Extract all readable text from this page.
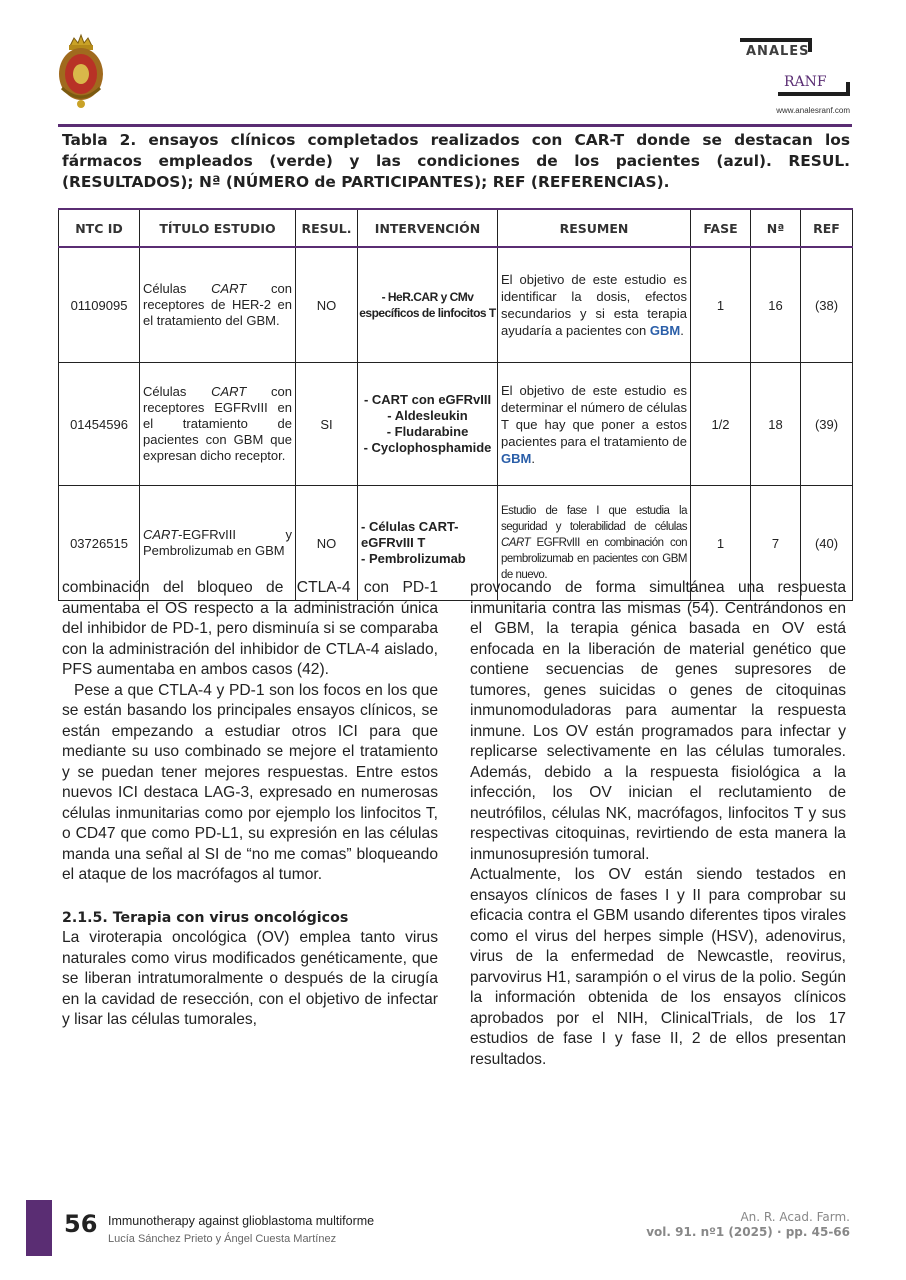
ANALES
RANF
www.analesranf.com
Tabla 2. ensayos clínicos completados realizados con CAR-T donde se destacan los fármacos empleados (verde) y las condiciones de los pacientes (azul). RESUL. (RESULTADOS); Nª (NÚMERO de PARTICIPANTES); REF (REFERENCIAS).
NTC ID	TÍTULO ESTUDIO	RESUL.	INTERVENCIÓN	RESUMEN	FASE	Nª	REF
01109095	Células CART con receptores de HER-2 en el tratamiento del GBM.	NO	- HeR.CAR y CMv específicos de linfocitos T	El objetivo de este estudio es identificar la dosis, efectos secundarios y si esta terapia ayudaría a pacientes con GBM.	1	16	(38)
01454596	Células CART con receptores EGFRvIII en el tratamiento de pacientes con GBM que expresan dicho receptor.	SI	- CART con eGFRvIII
- Aldesleukin
- Fludarabine
- Cyclophosphamide	El objetivo de este estudio es determinar el número de células T que hay que poner a estos pacientes para el tratamiento de GBM.	1/2	18	(39)
03726515	CART-EGFRvIII y Pembrolizumab en GBM	NO	- Células CART-eGFRvIII T
- Pembrolizumab	Estudio de fase I que estudia la seguridad y tolerabilidad de células CART EGFRvIII en combinación con pembrolizumab en pacientes con GBM de nuevo.	1	7	(40)

combinación del bloqueo de CTLA-4 con PD-1 aumentaba el OS respecto a la administración única del inhibidor de PD-1, pero disminuía si se comparaba con la administración del inhibidor de CTLA-4 aislado, PFS aumentaba en ambos casos (42).

Pese a que CTLA-4 y PD-1 son los focos en los que se están basando los principales ensayos clínicos, se están empezando a estudiar otros ICI para que mediante su uso combinado se mejore el tratamiento y se puedan tener mejores respuestas. Entre estos nuevos ICI destaca LAG-3, expresado en numerosas células inmunitarias como por ejemplo los linfocitos T, o CD47 que como PD-L1, su expresión en las células manda una señal al SI de “no me comas” bloqueando el ataque de los macrófagos al tumor.

2.1.5. Terapia con virus oncológicos

La viroterapia oncológica (OV) emplea tanto virus naturales como virus modificados genéticamente, que se liberan intratumoralmente o después de la cirugía en la cavidad de resección, con el objetivo de infectar y lisar las células tumorales,

provocando de forma simultánea una respuesta inmunitaria contra las mismas (54). Centrándonos en el GBM, la terapia génica basada en OV está enfocada en la liberación de material genético que contiene secuencias de genes supresores de tumores, genes suicidas o genes de citoquinas inmunomoduladoras para aumentar la respuesta inmune. Los OV están programados para infectar y replicarse selectivamente en las células tumorales. Además, debido a la respuesta fisiológica a la infección, los OV inician el reclutamiento de neutrófilos, células NK, macrófagos, linfocitos T y sus respectivas citoquinas, revirtiendo de esta manera la inmunosupresión tumoral.

Actualmente, los OV están siendo testados en ensayos clínicos de fases I y II para comprobar su eficacia contra el GBM usando diferentes tipos virales como el virus del herpes simple (HSV), adenovirus, virus de la enfermedad de Newcastle, reovirus, parvovirus H1, sarampión o el virus de la polio. Según la información obtenida de los ensayos clínicos aprobados por el NIH, ClinicalTrials, de los 17 estudios de fase I y fase II, 2 de ellos presentan resultados.

56 Immunotherapy against glioblastoma multiforme
Lucía Sánchez Prieto y Ángel Cuesta Martínez
An. R. Acad. Farm.
vol. 91. nº1 (2025) · pp. 45-66
